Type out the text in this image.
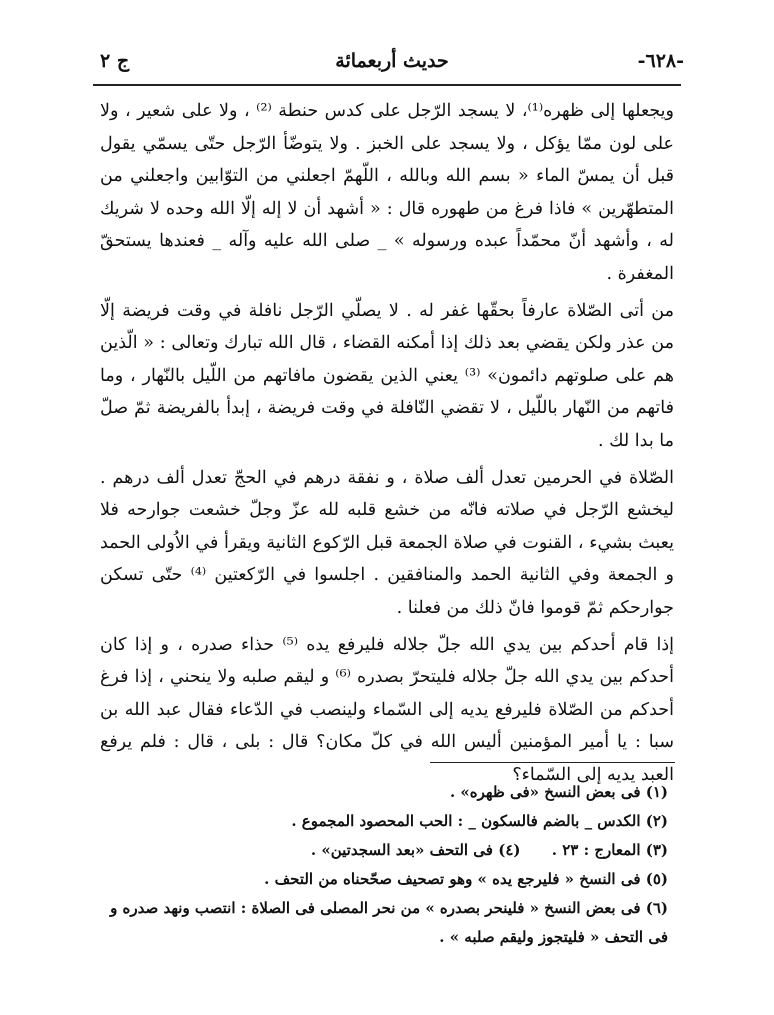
-٦٢٨-
حديث أربعمائة
ج ٢

ويجعلها إلى ظهره⁽¹⁾، لا يسجد الرّجل على كدس حنطة ⁽²⁾ ، ولا على شعير ، ولا على لون ممّا يؤكل ، ولا يسجد على الخبز . ولا يتوضّأ الرّجل حتّى يسمّي يقول قبل أن يمسّ الماء « بسم الله وبالله ، اللّهمّ اجعلني من التوّابين واجعلني من المتطهّرين » فاذا فرغ من طهوره قال : « أشهد أن لا إله إلّا الله وحده لا شريك له ، وأشهد أنّ محمّداً عبده ورسوله » _ صلى الله عليه وآله _ فعندها يستحقّ المغفرة .

من أتى الصّلاة عارفاً بحقّها غفر له . لا يصلّي الرّجل نافلة في وقت فريضة إلّا من عذر ولكن يقضي بعد ذلك إذا أمكنه القضاء ، قال الله تبارك وتعالى : « الّذين هم على صلوتهم دائمون» ⁽³⁾ يعني الذين يقضون مافاتهم من اللّيل بالنّهار ، وما فاتهم من النّهار باللّيل ، لا تقضي النّافلة في وقت فريضة ، إبدأ بالفريضة ثمّ صلّ ما بدا لك .

الصّلاة في الحرمين تعدل ألف صلاة ، و نفقة درهم في الحجّ تعدل ألف درهم . ليخشع الرّجل في صلاته فانّه من خشع قلبه لله عزّ وجلّ خشعت جوارحه فلا يعبث بشيء ، القنوت في صلاة الجمعة قبل الرّكوع الثانية ويقرأ في الاُولى الحمد و الجمعة وفي الثانية الحمد والمنافقين . اجلسوا في الرّكعتين ⁽⁴⁾ حتّى تسكن جوارحكم ثمّ قوموا فانّ ذلك من فعلنا .

إذا قام أحدكم بين يدي الله جلّ جلاله فليرفع يده ⁽⁵⁾ حذاء صدره ، و إذا كان أحدكم بين يدي الله جلّ جلاله فليتحرّ بصدره ⁽⁶⁾ و ليقم صلبه ولا ينحني ، إذا فرغ أحدكم من الصّلاة فليرفع يديه إلى السّماء ولينصب في الدّعاء فقال عبد الله بن سبا : يا أمير المؤمنين أليس الله في كلّ مكان؟ قال : بلى ، قال : فلم يرفع العبد يديه إلى السّماء؟

(١) فى بعض النسخ «فى ظهره» .

(٢) الكدس _ بالضم فالسكون _ : الحب المحصود المجموع .

(٣) المعارج : ٢٣ .      (٤) فى التحف «بعد السجدتين» .

(٥) فى النسخ « فليرجع يده » وهو تصحيف صحّحناه من التحف .

(٦) فى بعض النسخ « فلينحر بصدره » من نحر المصلى فى الصلاة : انتصب ونهد صدره و فى التحف « فليتجوز وليقم صلبه » .
